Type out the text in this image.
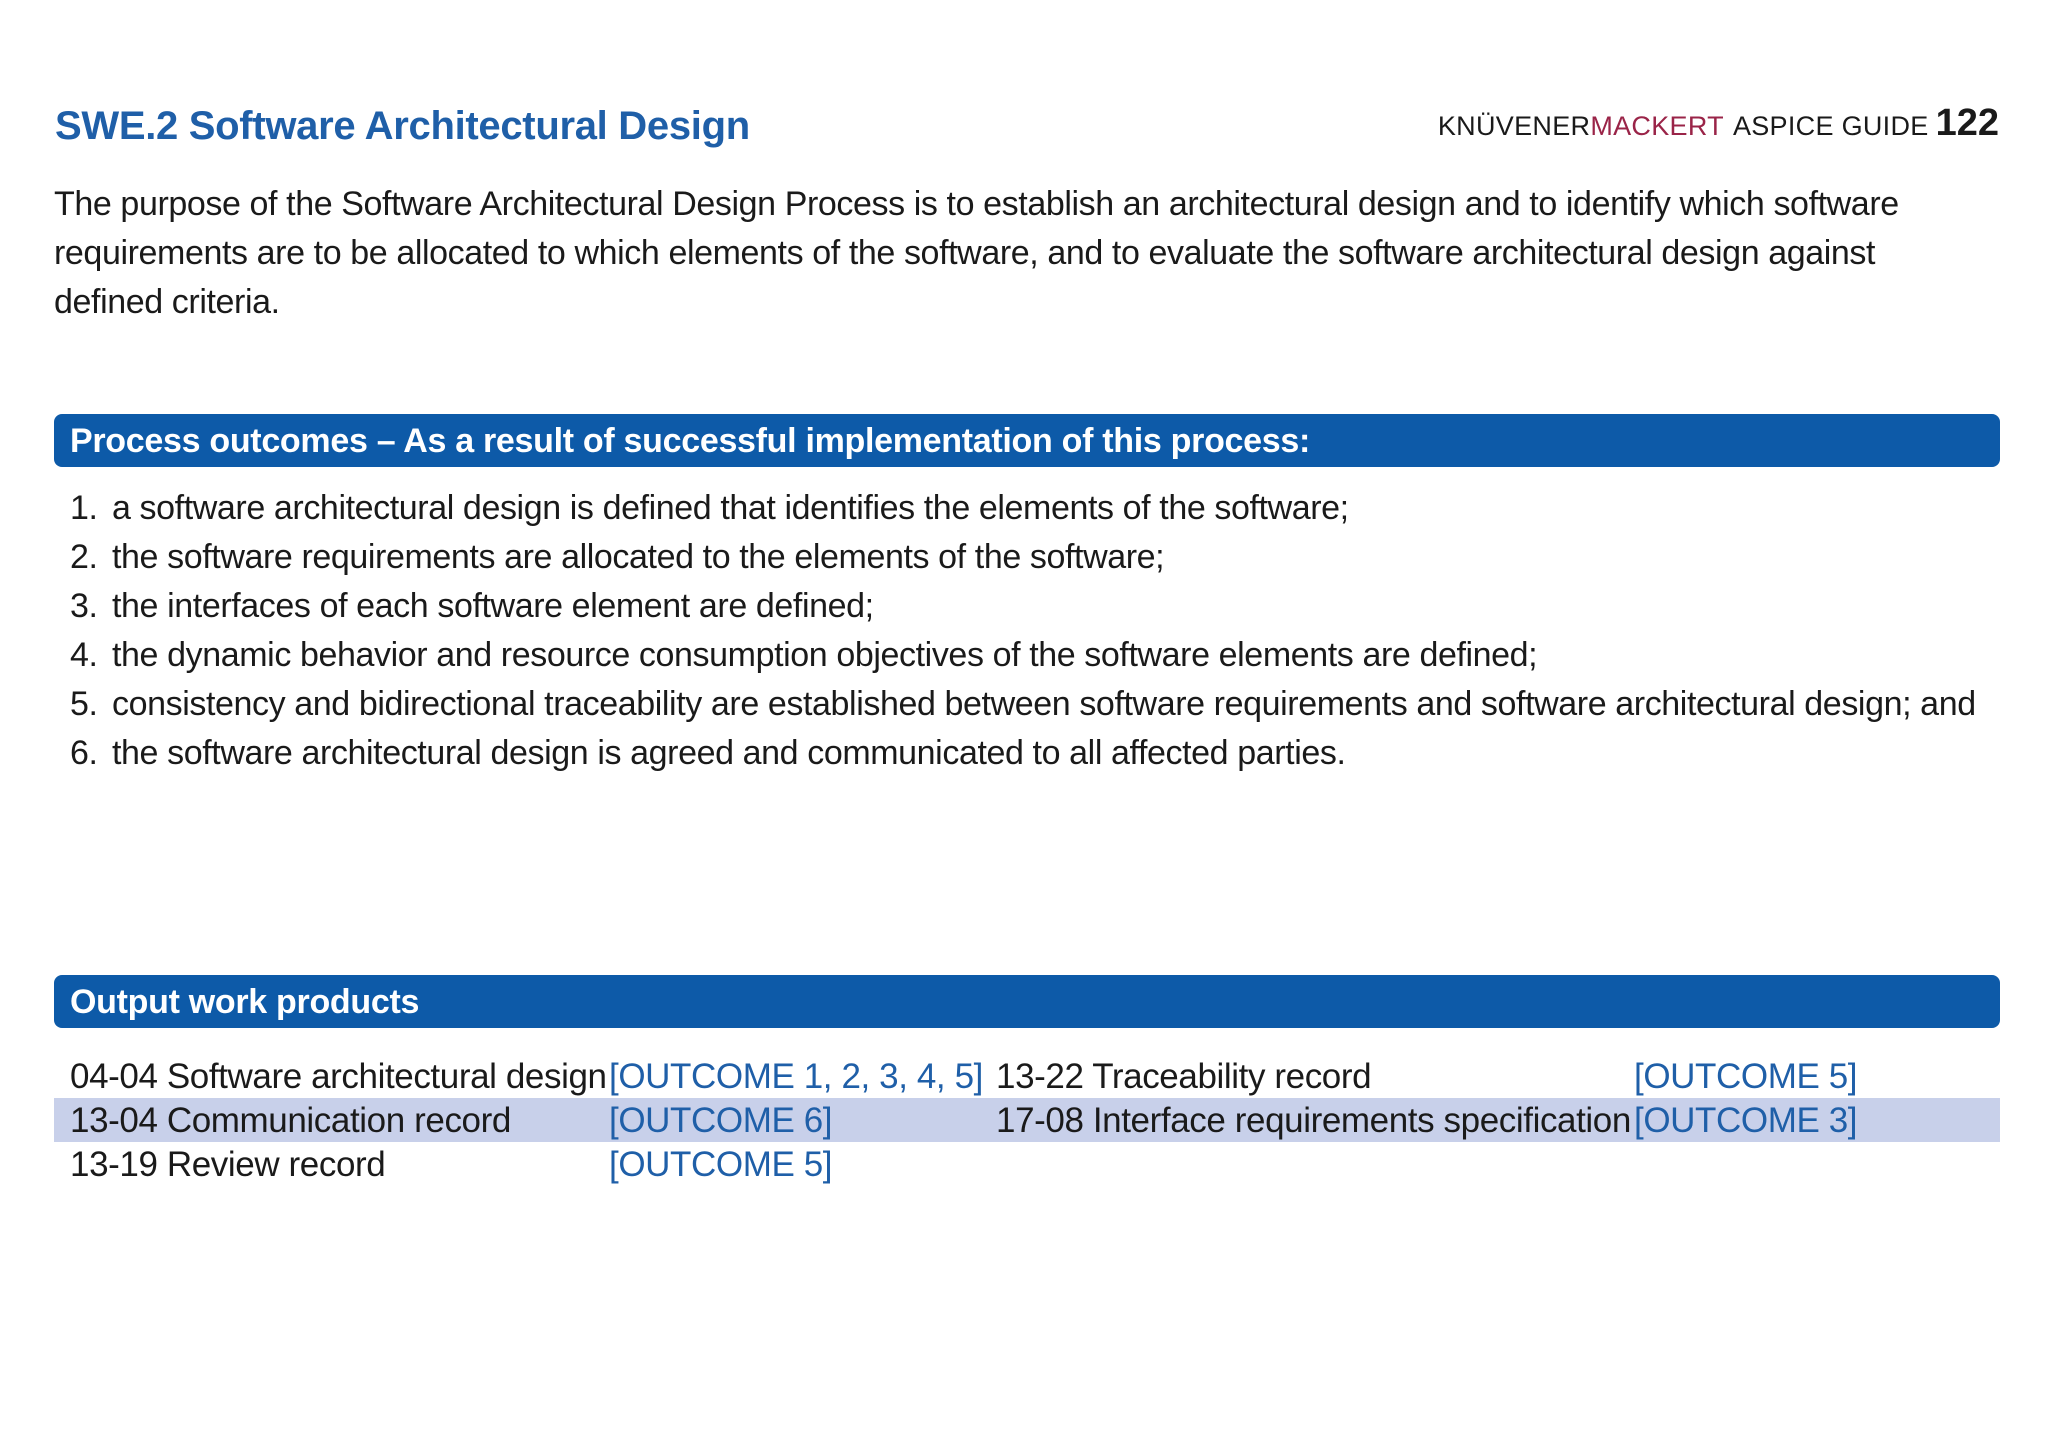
SWE.2 Software Architectural Design	KNÜVENER MACKERT ASPICE GUIDE 122
The purpose of the Software Architectural Design Process is to establish an architectural design and to identify which software requirements are to be allocated to which elements of the software, and to evaluate the software architectural design against defined criteria.
Process outcomes – As a result of successful implementation of this process:
1. a software architectural design is defined that identifies the elements of the software;
2. the software requirements are allocated to the elements of the software;
3. the interfaces of each software element are defined;
4. the dynamic behavior and resource consumption objectives of the software elements are defined;
5. consistency and bidirectional traceability are established between software requirements and software architectural design; and
6. the software architectural design is agreed and communicated to all affected parties.
Output work products
04-04 Software architectural design [OUTCOME 1, 2, 3, 4, 5] 13-22 Traceability record	[OUTCOME 5]
13-04 Communication record	[OUTCOME 6]	17-08 Interface requirements specification [OUTCOME 3]
13-19 Review record	[OUTCOME 5]
